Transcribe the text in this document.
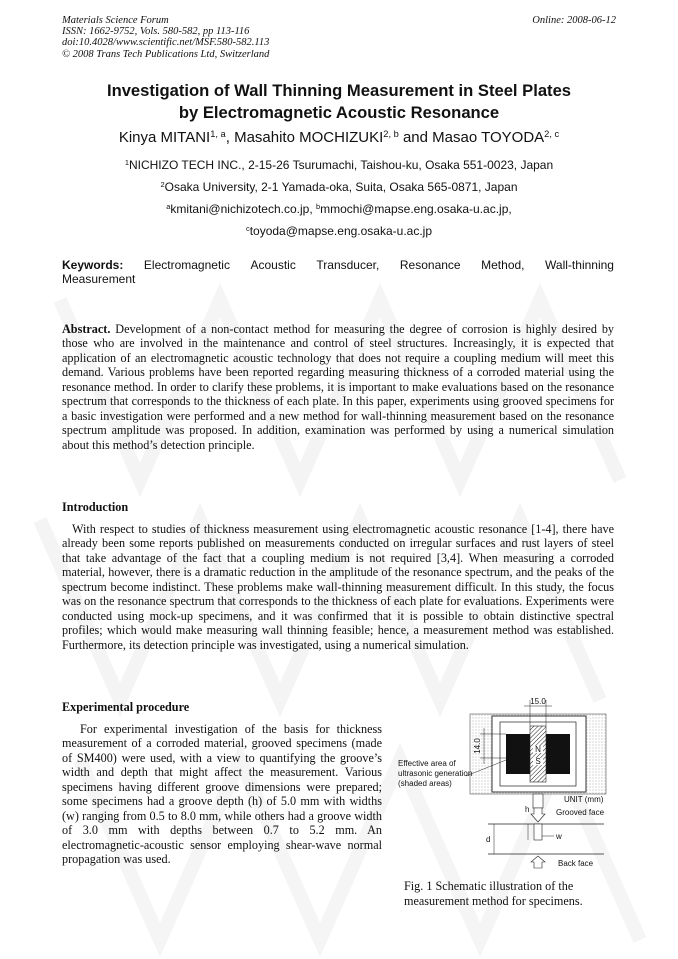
Materials Science Forum
ISSN: 1662-9752, Vols. 580-582, pp 113-116
doi:10.4028/www.scientific.net/MSF.580-582.113
© 2008 Trans Tech Publications Ltd, Switzerland
Online: 2008-06-12
Investigation of Wall Thinning Measurement in Steel Plates
by Electromagnetic Acoustic Resonance
Kinya MITANI$^{1, a}$, Masahito MOCHIZUKI$^{2, b}$ and Masao TOYODA$^{2, c}$
$^1$NICHIZO TECH INC., 2-15-26 Tsurumachi, Taishou-ku, Osaka 551-0023, Japan
$^2$Osaka University, 2-1 Yamada-oka, Suita, Osaka 565-0871, Japan
$^a$kmitani@nichizotech.co.jp, $^b$mmochi@mapse.eng.osaka-u.ac.jp,
$^c$toyoda@mapse.eng.osaka-u.ac.jp
Keywords: Electromagnetic Acoustic Transducer, Resonance Method, Wall-thinning
Measurement
Abstract. Development of a non-contact method for measuring the degree of corrosion is highly desired by those who are involved in the maintenance and control of steel structures. Increasingly, it is expected that application of an electromagnetic acoustic technology that does not require a coupling medium will meet this demand. Various problems have been reported regarding measuring thickness of a corroded material using the resonance method. In order to clarify these problems, it is important to make evaluations based on the resonance spectrum that corresponds to the thickness of each plate. In this paper, experiments using grooved specimens for a basic investigation were performed and a new method for wall-thinning measurement based on the resonance spectrum amplitude was proposed. In addition, examination was performed by using a numerical simulation about this method’s detection principle.
Introduction
With respect to studies of thickness measurement using electromagnetic acoustic resonance [1-4], there have already been some reports published on measurements conducted on irregular surfaces and rust layers of steel that take advantage of the fact that a coupling medium is not required [3,4]. When measuring a corroded material, however, there is a dramatic reduction in the amplitude of the resonance spectrum, and the peaks of the spectrum become indistinct. These problems make wall-thinning measurement difficult. In this study, the focus was on the resonance spectrum that corresponds to the thickness of each plate for evaluations. Experiments were conducted using mock-up specimens, and it was confirmed that it is possible to obtain distinctive spectral profiles; which would make measuring wall thinning feasible; hence, a measurement method was established. Furthermore, its detection principle was investigated, using a numerical simulation.
Experimental procedure
For experimental investigation of the basis for thickness measurement of a corroded material, grooved specimens (made of SM400) were used, with a view to quantifying the groove’s width and depth that might affect the measurement. Various specimens having different groove dimensions were prepared; some specimens had a groove depth (h) of 5.0 mm with widths (w) ranging from 0.5 to 8.0 mm, while others had a groove width of 3.0 mm with depths between 0.7 to 5.2 mm. An electromagnetic-acoustic sensor employing shear-wave normal propagation was used.
N
S
15.0
14.0
Effective area of
ultrasonic generation
(shaded areas)
h
d	w
UNIT (mm)
Grooved face
Back face
Fig. 1 Schematic illustration of the measurement method for specimens.
